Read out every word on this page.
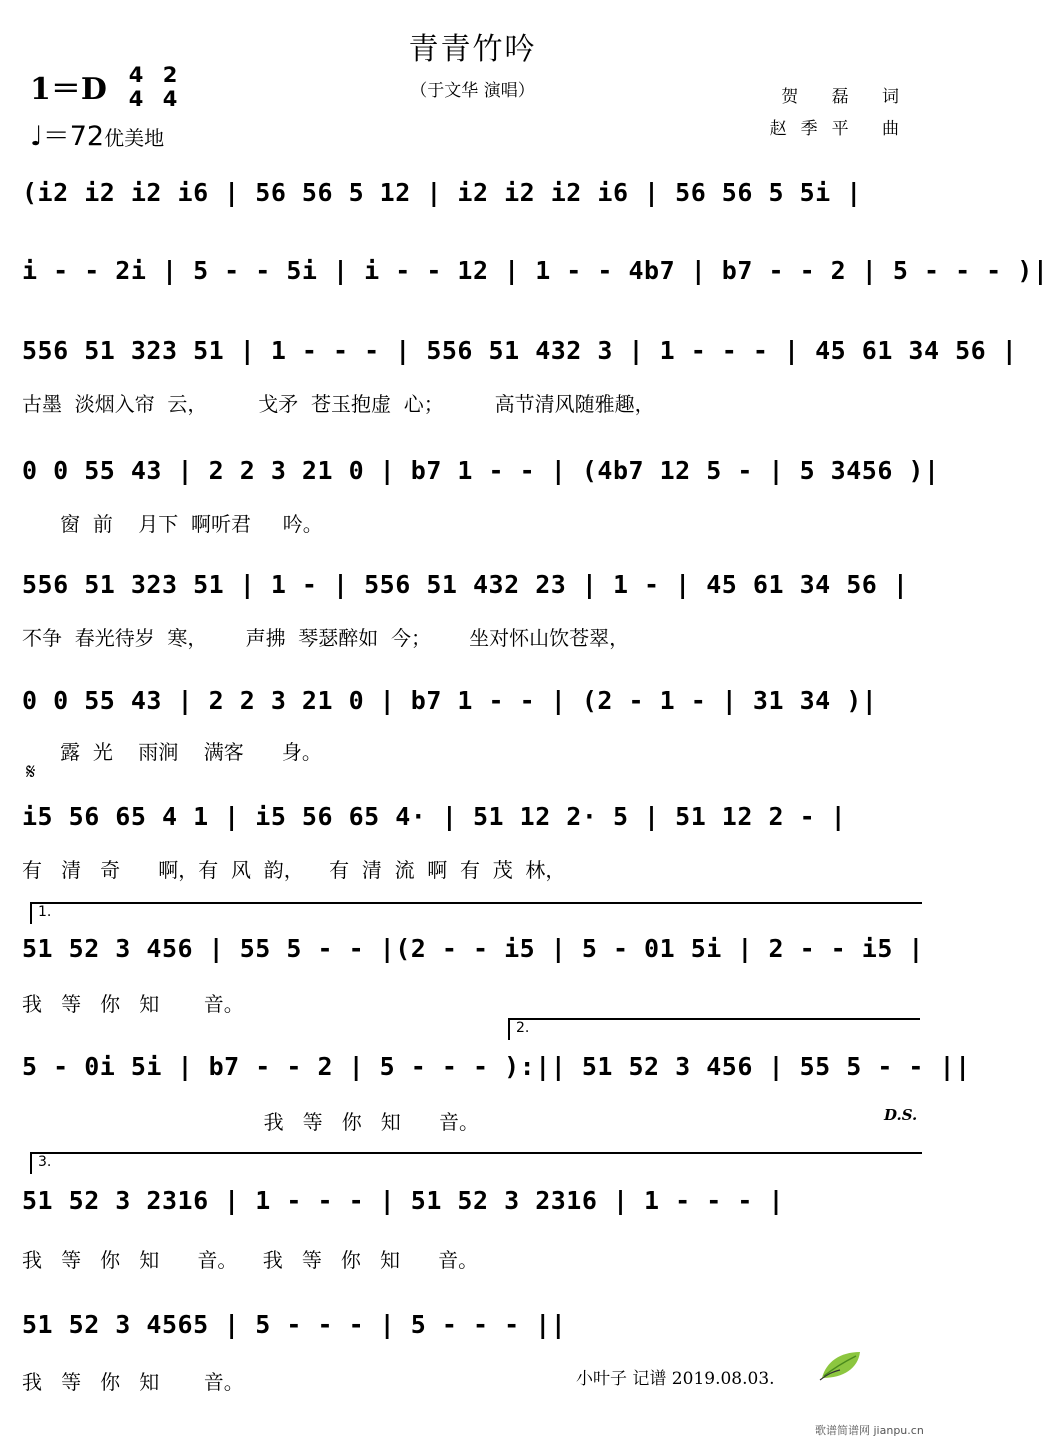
青青竹吟
（于文华 演唱）
1＝D 4
4
2
4
♩＝72优美地
贺 磊 词
赵季平 曲
(i2 i2 i2 i6 | 56 56 5 12 | i2 i2 i2 i6 | 56 56 5 5i |
i - - 2i | 5 - - 5i | i - - 12 | 1 - - 4b7 | b7 - - 2 | 5 - - - )|
556 51 323 51 | 1 - - - | 556 51 432 3 | 1 - - - | 45 61 34 56 |
古墨  淡烟入帘  云，        戈矛  苍玉抱虚  心；        高节清风随雅趣，
0 0 55 43 | 2 2 3 21 0 | b7 1 - - | (4b7 12 5 - | 5 3456 )|
窗  前    月下  啊听君     吟。
556 51 323 51 | 1 - | 556 51 432 23 | 1 - | 45 61 34 56 |
不争  春光待岁  寒，      声拂  琴瑟醉如  今；      坐对怀山饮苍翠，
0 0 55 43 | 2 2 3 21 0 | b7 1 - - | (2 - 1 - | 31 34 )|
露  光    雨涧    满客      身。
𝄋
i5 56 65 4 1 | i5 56 65 4· | 51 12 2· 5 | 51 12 2 - |
有   清   奇      啊，有  风  韵，    有  清  流  啊  有  茂  林，
1.
51 52 3 456 | 55 5 - - |(2 - - i5 | 5 - 01 5i | 2 - - i5 |
我   等   你   知       音。
2.
5 - 0i 5i | b7 - - 2 | 5 - - - ):|| 51 52 3 456 | 55 5 - - ||
我   等   你   知      音。	D.S.
3.
51 52 3 2316 | 1 - - - | 51 52 3 2316 | 1 - - - |
我   等   你   知      音。    我   等   你   知      音。
51 52 3 4565 | 5 - - - | 5 - - - ||
我   等   你   知       音。	小叶子 记谱 2019.08.03.
歌谱简谱网 jianpu.cn
